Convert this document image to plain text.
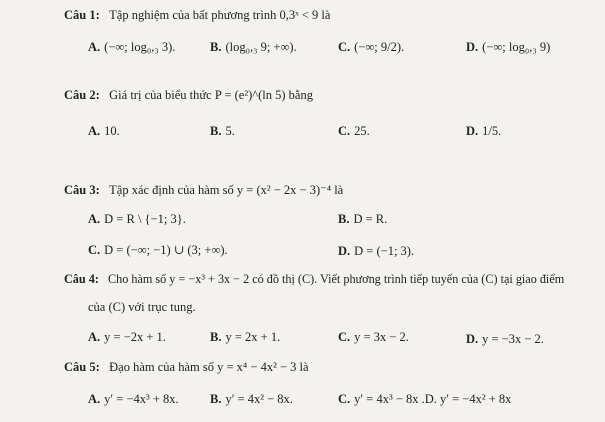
Câu 1: Tập nghiệm của bất phương trình 0,3ˣ < 9 là
A. (−∞; log₀,₃ 3).	B. (log₀,₃ 9; +∞).	C. (−∞; 9/2).	D. (−∞; log₀,₃ 9)
Câu 2: Giá trị của biểu thức P = (e²)^(ln 5) bằng
A. 10.	B. 5.	C. 25.	D. 1/5.
Câu 3: Tập xác định của hàm số y = (x² − 2x − 3)⁻⁴ là
A. D = R \ {−1; 3}.	B. D = R.
C. D = (−∞; −1) ∪ (3; +∞).	D. D = (−1; 3).
Câu 4: Cho hàm số y = −x³ + 3x − 2 có đồ thị (C). Viết phương trình tiếp tuyến của (C) tại giao điểm
của (C) với trục tung.
A. y = −2x + 1.	B. y = 2x + 1.	C. y = 3x − 2.	D. y = −3x − 2.
Câu 5: Đạo hàm của hàm số y = x⁴ − 4x² − 3 là
A. y′ = −4x³ + 8x.	B. y′ = 4x² − 8x.	C. y′ = 4x³ − 8x .D. y′ = −4x² + 8x
